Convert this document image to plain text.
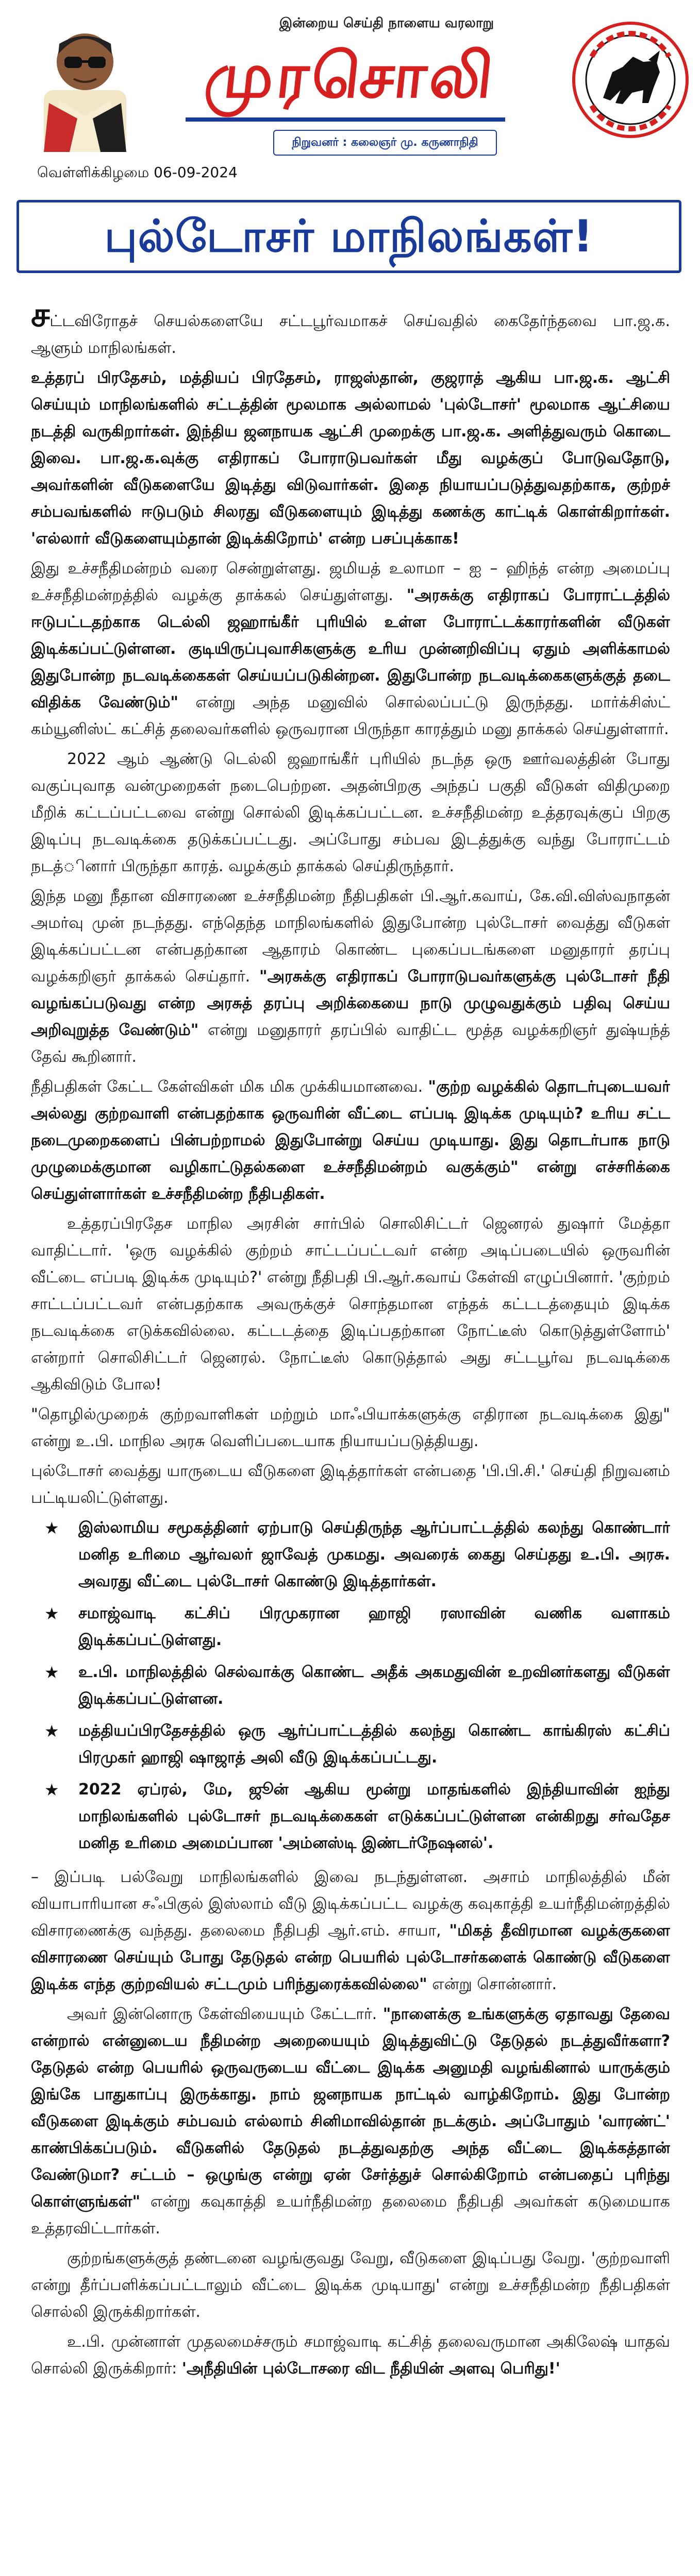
இன்றைய செய்தி நாளைய வரலாறு
முரசொலி
நிறுவனர் : கலைஞர் மு. கருணாநிதி
வெள்ளிக்கிழமை 06-09-2024
புல்டோசர் மாநிலங்கள்!

சட்டவிரோதச் செயல்களையே சட்டபூர்வமாகச் செய்வதில் கைதேர்ந்தவை பா.ஜ.க. ஆளும் மாநிலங்கள்.

உத்தரப் பிரதேசம், மத்தியப் பிரதேசம், ராஜஸ்தான், குஜராத் ஆகிய பா.ஜ.க. ஆட்சி செய்யும் மாநிலங்களில் சட்டத்தின் மூலமாக அல்லாமல் 'புல்டோசர்' மூலமாக ஆட்சியை நடத்தி வருகிறார்கள். இந்திய ஜனநாயக ஆட்சி முறைக்கு பா.ஜ.க. அளித்துவரும் கொடை இவை. பா.ஜ.க.வுக்கு எதிராகப் போராடுபவர்கள் மீது வழக்குப் போடுவதோடு, அவர்களின் வீடுகளையே இடித்து விடுவார்கள். இதை நியாயப்படுத்துவதற்காக, குற்றச் சம்பவங்களில் ஈடுபடும் சிலரது வீடுகளையும் இடித்து கணக்கு காட்டிக் கொள்கிறார்கள். 'எல்லார் வீடுகளையும்தான் இடிக்கிறோம்' என்ற பசப்புக்காக!

இது உச்சநீதிமன்றம் வரை சென்றுள்ளது. ஜமியத் உலாமா – ஐ – ஹிந்த் என்ற அமைப்பு உச்சநீதிமன்றத்தில் வழக்கு தாக்கல் செய்துள்ளது. "அரசுக்கு எதிராகப் போராட்டத்தில் ஈடுபட்டதற்காக டெல்லி ஜஹாங்கீர் புரியில் உள்ள போராட்டக்காரர்களின் வீடுகள் இடிக்கப்பட்டுள்ளன. குடியிருப்புவாசிகளுக்கு உரிய முன்னறிவிப்பு ஏதும் அளிக்காமல் இதுபோன்ற நடவடிக்கைகள் செய்யப்படுகின்றன. இதுபோன்ற நடவடிக்கைகளுக்குத் தடை விதிக்க வேண்டும்" என்று அந்த மனுவில் சொல்லப்பட்டு இருந்தது. மார்க்சிஸ்ட் கம்யூனிஸ்ட் கட்சித் தலைவர்களில் ஒருவரான பிருந்தா காரத்தும் மனு தாக்கல் செய்துள்ளார்.

2022 ஆம் ஆண்டு டெல்லி ஜஹாங்கீர் புரியில் நடந்த ஒரு ஊர்வலத்தின் போது வகுப்புவாத வன்முறைகள் நடைபெற்றன. அதன்பிறகு அந்தப் பகுதி வீடுகள் விதிமுறை மீறிக் கட்டப்பட்டவை என்று சொல்லி இடிக்கப்பட்டன. உச்சநீதிமன்ற உத்தரவுக்குப் பிறகு இடிப்பு நடவடிக்கை தடுக்கப்பட்டது. அப்போது சம்பவ இடத்துக்கு வந்து போராட்டம் நடத்ினார் பிருந்தா காரத். வழக்கும் தாக்கல் செய்திருந்தார்.

இந்த மனு நீதான விசாரணை உச்சநீதிமன்ற நீதிபதிகள் பி.ஆர்.கவாய், கே.வி.விஸ்வநாதன் அமர்வு முன் நடந்தது. எந்தெந்த மாநிலங்களில் இதுபோன்ற புல்டோசர் வைத்து வீடுகள் இடிக்கப்பட்டன என்பதற்கான ஆதாரம் கொண்ட புகைப்படங்களை மனுதாரர் தரப்பு வழக்கறிஞர் தாக்கல் செய்தார். "அரசுக்கு எதிராகப் போராடுபவர்களுக்கு புல்டோசர் நீதி வழங்கப்படுவது என்ற அரசுத் தரப்பு அறிக்கையை நாடு முழுவதுக்கும் பதிவு செய்ய அறிவுறுத்த வேண்டும்" என்று மனுதாரர் தரப்பில் வாதிட்ட மூத்த வழக்கறிஞர் துஷ்யந்த் தேவ் கூறினார்.

நீதிபதிகள் கேட்ட கேள்விகள் மிக மிக முக்கியமானவை. "குற்ற வழக்கில் தொடர்புடையவர் அல்லது குற்றவாளி என்பதற்காக ஒருவரின் வீட்டை எப்படி இடிக்க முடியும்? உரிய சட்ட நடைமுறைகளைப் பின்பற்றாமல் இதுபோன்று செய்ய முடியாது. இது தொடர்பாக நாடு முழுமைக்குமான வழிகாட்டுதல்களை உச்சநீதிமன்றம் வகுக்கும்" என்று எச்சரிக்கை செய்துள்ளார்கள் உச்சநீதிமன்ற நீதிபதிகள்.

உத்தரப்பிரதேச மாநில அரசின் சார்பில் சொலிசிட்டர் ஜெனரல் துஷார் மேத்தா வாதிட்டார். 'ஒரு வழக்கில் குற்றம் சாட்டப்பட்டவர் என்ற அடிப்படையில் ஒருவரின் வீட்டை எப்படி இடிக்க முடியும்?' என்று நீதிபதி பி.ஆர்.கவாய் கேள்வி எழுப்பினார். 'குற்றம் சாட்டப்பட்டவர் என்பதற்காக அவருக்குச் சொந்தமான எந்தக் கட்டடத்தையும் இடிக்க நடவடிக்கை எடுக்கவில்லை. கட்டடத்தை இடிப்பதற்கான நோட்டீஸ் கொடுத்துள்ளோம்' என்றார் சொலிசிட்டர் ஜெனரல். நோட்டீஸ் கொடுத்தால் அது சட்டபூர்வ நடவடிக்கை ஆகிவிடும் போல!

"தொழில்முறைக் குற்றவாளிகள் மற்றும் மாஃபியாக்களுக்கு எதிரான நடவடிக்கை இது" என்று உ.பி. மாநில அரசு வெளிப்படையாக நியாயப்படுத்தியது.

புல்டோசர் வைத்து யாருடைய வீடுகளை இடித்தார்கள் என்பதை 'பி.பி.சி.' செய்தி நிறுவனம் பட்டியலிட்டுள்ளது.

★ இஸ்லாமிய சமூகத்தினர் ஏற்பாடு செய்திருந்த ஆர்ப்பாட்டத்தில் கலந்து கொண்டார் மனித உரிமை ஆர்வலர் ஜாவேத் முகமது. அவரைக் கைது செய்தது உ.பி. அரசு. அவரது வீட்டை புல்டோசர் கொண்டு இடித்தார்கள்.
★ சமாஜ்வாடி கட்சிப் பிரமுகரான ஹாஜி ரஸாவின் வணிக வளாகம் இடிக்கப்பட்டுள்ளது.
★ உ.பி. மாநிலத்தில் செல்வாக்கு கொண்ட அதீக் அகமதுவின் உறவினர்களது வீடுகள் இடிக்கப்பட்டுள்ளன.
★ மத்தியப்பிரதேசத்தில் ஒரு ஆர்ப்பாட்டத்தில் கலந்து கொண்ட காங்கிரஸ் கட்சிப் பிரமுகர் ஹாஜி ஷாஜாத் அலி வீடு இடிக்கப்பட்டது.
★ 2022 ஏப்ரல், மே, ஜூன் ஆகிய மூன்று மாதங்களில் இந்தியாவின் ஐந்து மாநிலங்களில் புல்டோசர் நடவடிக்கைகள் எடுக்கப்பட்டுள்ளன என்கிறது சர்வதேச மனித உரிமை அமைப்பான 'அம்னஸ்டி இண்டர்நேஷனல்'.

– இப்படி பல்வேறு மாநிலங்களில் இவை நடந்துள்ளன. அசாம் மாநிலத்தில் மீன் வியாபாரியான சஃபிகுல் இஸ்லாம் வீடு இடிக்கப்பட்ட வழக்கு கவுகாத்தி உயர்நீதிமன்றத்தில் விசாரணைக்கு வந்தது. தலைமை நீதிபதி ஆர்.எம். சாயா, "மிகத் தீவிரமான வழக்குகளை விசாரணை செய்யும் போது தேடுதல் என்ற பெயரில் புல்டோசர்களைக் கொண்டு வீடுகளை இடிக்க எந்த குற்றவியல் சட்டமும் பரிந்துரைக்கவில்லை" என்று சொன்னார்.

அவர் இன்னொரு கேள்வியையும் கேட்டார். "நாளைக்கு உங்களுக்கு ஏதாவது தேவை என்றால் என்னுடைய நீதிமன்ற அறையையும் இடித்துவிட்டு தேடுதல் நடத்துவீர்களா? தேடுதல் என்ற பெயரில் ஒருவருடைய வீட்டை இடிக்க அனுமதி வழங்கினால் யாருக்கும் இங்கே பாதுகாப்பு இருக்காது. நாம் ஜனநாயக நாட்டில் வாழ்கிறோம். இது போன்ற வீடுகளை இடிக்கும் சம்பவம் எல்லாம் சினிமாவில்தான் நடக்கும். அப்போதும் 'வாரண்ட்' காண்பிக்கப்படும். வீடுகளில் தேடுதல் நடத்துவதற்கு அந்த வீட்டை இடிக்கத்தான் வேண்டுமா? சட்டம் – ஒழுங்கு என்று ஏன் சேர்த்துச் சொல்கிறோம் என்பதைப் புரிந்து கொள்ளுங்கள்" என்று கவுகாத்தி உயர்நீதிமன்ற தலைமை நீதிபதி அவர்கள் கடுமையாக உத்தரவிட்டார்கள்.

குற்றங்களுக்குத் தண்டனை வழங்குவது வேறு, வீடுகளை இடிப்பது வேறு. 'குற்றவாளி என்று தீர்ப்பளிக்கப்பட்டாலும் வீட்டை இடிக்க முடியாது' என்று உச்சநீதிமன்ற நீதிபதிகள் சொல்லி இருக்கிறார்கள்.

உ.பி. முன்னாள் முதலமைச்சரும் சமாஜ்வாடி கட்சித் தலைவருமான அகிலேஷ் யாதவ் சொல்லி இருக்கிறார்: 'அநீதியின் புல்டோசரை விட நீதியின் அளவு பெரிது!'
